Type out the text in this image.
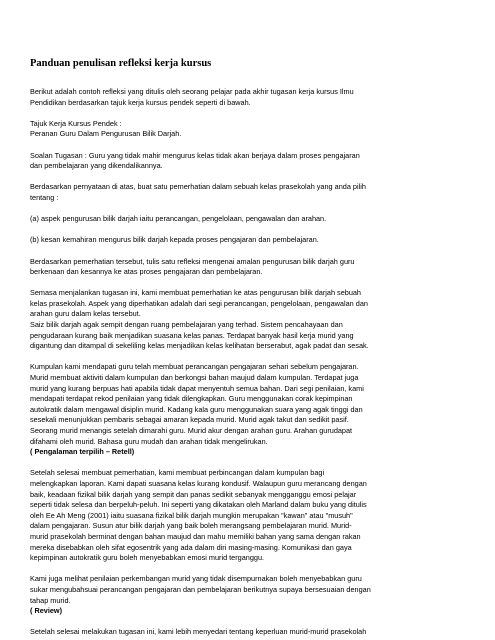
Panduan penulisan refleksi kerja kursus
Berikut adalah contoh refleksi yang ditulis oleh seorang pelajar pada akhir tugasan kerja kursus Ilmu
Pendidikan berdasarkan tajuk kerja kursus pendek seperti di bawah.
Tajuk Kerja Kursus Pendek :
Peranan Guru Dalam Pengurusan Bilik Darjah.
Soalan Tugasan : Guru yang tidak mahir mengurus kelas tidak akan berjaya dalam proses pengajaran
dan pembelajaran yang dikendalikannya.
Berdasarkan pernyataan di atas, buat satu pemerhatian dalam sebuah kelas prasekolah yang anda pilih
tentang :
(a) aspek pengurusan bilik darjah iaitu perancangan, pengelolaan, pengawalan dan arahan.
(b) kesan kemahiran mengurus bilik darjah kepada proses pengajaran dan pembelajaran.
Berdasarkan pemerhatian tersebut, tulis satu refleksi mengenai amalan pengurusan bilik darjah guru
berkenaan dan kesannya ke atas proses pengajaran dan pembelajaran.
Semasa menjalankan tugasan ini, kami membuat pemerhatian ke atas pengurusan bilik darjah sebuah
kelas prasekolah. Aspek yang diperhatikan adalah dari segi perancangan, pengelolaan, pengawalan dan
arahan guru dalam kelas tersebut.
Saiz bilik darjah agak sempit dengan ruang pembelajaran yang terhad. Sistem pencahayaan dan
pengudaraan kurang baik menjadikan suasana kelas panas. Terdapat banyak hasil kerja murid yang
digantung dan ditampal di sekeliling kelas menjadikan kelas kelihatan berserabut, agak padat dan sesak.
Kumpulan kami mendapati guru telah membuat perancangan pengajaran sehari sebelum pengajaran.
Murid membuat aktiviti dalam kumpulan dan berkongsi bahan maujud dalam kumpulan. Terdapat juga
murid yang kurang berpuas hati apabila tidak dapat menyentuh semua bahan. Dari segi penilaian, kami
mendapati terdapat rekod penilaian yang tidak dilengkapkan. Guru menggunakan corak kepimpinan
autokratik dalam mengawal disiplin murid. Kadang kala guru menggunakan suara yang agak tinggi dan
sesekali menunjukkan pembaris sebagai amaran kepada murid. Murid agak takut dan sedikit pasif.
Seorang murid menangis setelah dimarahi guru. Murid akur dengan arahan guru. Arahan gurudapat
difahami oleh murid. Bahasa guru mudah dan arahan tidak mengelirukan.
( Pengalaman terpilih – Retell)
Setelah selesai membuat pemerhatian, kami membuat perbincangan dalam kumpulan bagi
melengkapkan laporan. Kami dapati suasana kelas kurang kondusif. Walaupun guru merancang dengan
baik, keadaan fizikal bilik darjah yang sempit dan panas sedikit sebanyak mengganggu emosi pelajar
seperti tidak selesa dan berpeluh-peluh. Ini seperti yang dikatakan oleh Marland dalam buku yang ditulis
oleh Ee Ah Meng (2001) iaitu suasana fizikal bilik darjah mungkin merupakan "kawan" atau "musuh"
dalam pengajaran. Susun atur bilik darjah yang baik boleh merangsang pembelajaran murid. Murid-
murid prasekolah berminat dengan bahan maujud dan mahu memiliki bahan yang sama dengan rakan
mereka disebabkan oleh sifat egosentrik yang ada dalam diri masing-masing. Komunikasi dan gaya
kepimpinan autokratik guru boleh menyebabkan emosi murid terganggu.
Kami juga melihat penilaian perkembangan murid yang tidak disempurnakan boleh menyebabkan guru
sukar mengubahsuai perancangan pengajaran dan pembelajaran berikutnya supaya bersesuaian dengan
tahap murid.
( Review)
Setelah selesai melakukan tugasan ini, kami lebih menyedari tentang keperluan murid-murid prasekolah
